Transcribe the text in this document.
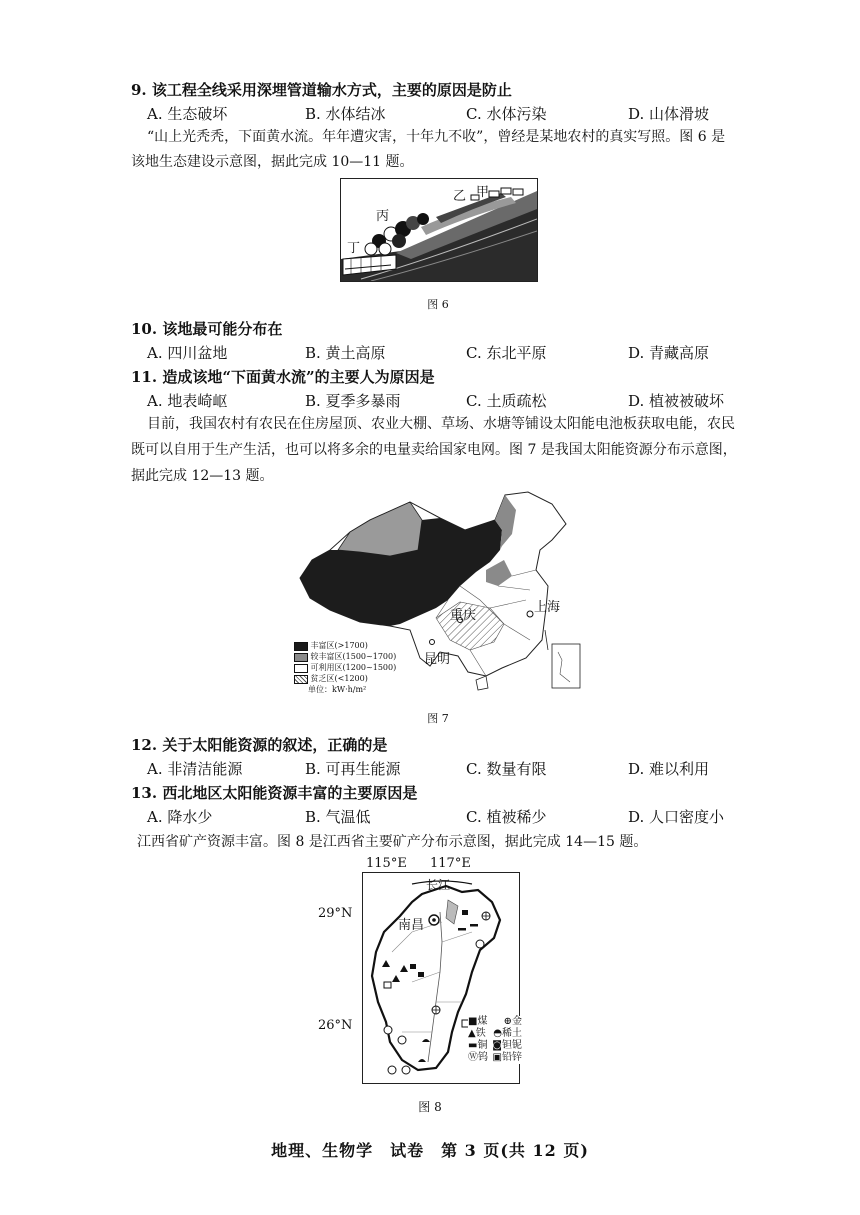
9. 该工程全线采用深埋管道输水方式，主要的原因是防止
A. 生态破坏	B. 水体结冰	C. 水体污染	D. 山体滑坡
“山上光秃秃，下面黄水流。年年遭灾害，十年九不收”，曾经是某地农村的真实写照。图 6 是
该地生态建设示意图，据此完成 10—11 题。
甲
乙
丙
丁
图 6
10. 该地最可能分布在
A. 四川盆地	B. 黄土高原	C. 东北平原	D. 青藏高原
11. 造成该地“下面黄水流”的主要人为原因是
A. 地表崎岖	B. 夏季多暴雨	C. 土质疏松	D. 植被被破坏
目前，我国农村有农民在住房屋顶、农业大棚、草场、水塘等铺设太阳能电池板获取电能，农民
既可以自用于生产生活，也可以将多余的电量卖给国家电网。图 7 是我国太阳能资源分布示意图，
据此完成 12—13 题。
重庆
上海
昆明
丰富区(>1700)
较丰富区(1500~1700)
可利用区(1200~1500)
贫乏区(<1200)
单位：kW·h/m²
图 7
12. 关于太阳能资源的叙述，正确的是
A. 非清洁能源	B. 可再生能源	C. 数量有限	D. 难以利用
13. 西北地区太阳能资源丰富的主要原因是
A. 降水少	B. 气温低	C. 植被稀少	D. 人口密度小
江西省矿产资源丰富。图 8 是江西省主要矿产分布示意图，据此完成 14—15 题。
115°E 117°E
29°N
26°N
长江
南昌
■煤 ⊕金
▲铁 ◓稀土
▬铜 ◙钽铌
Ⓦ钨 ▣铅锌
图 8
地理、生物学　试卷　第 3 页(共 12 页)
